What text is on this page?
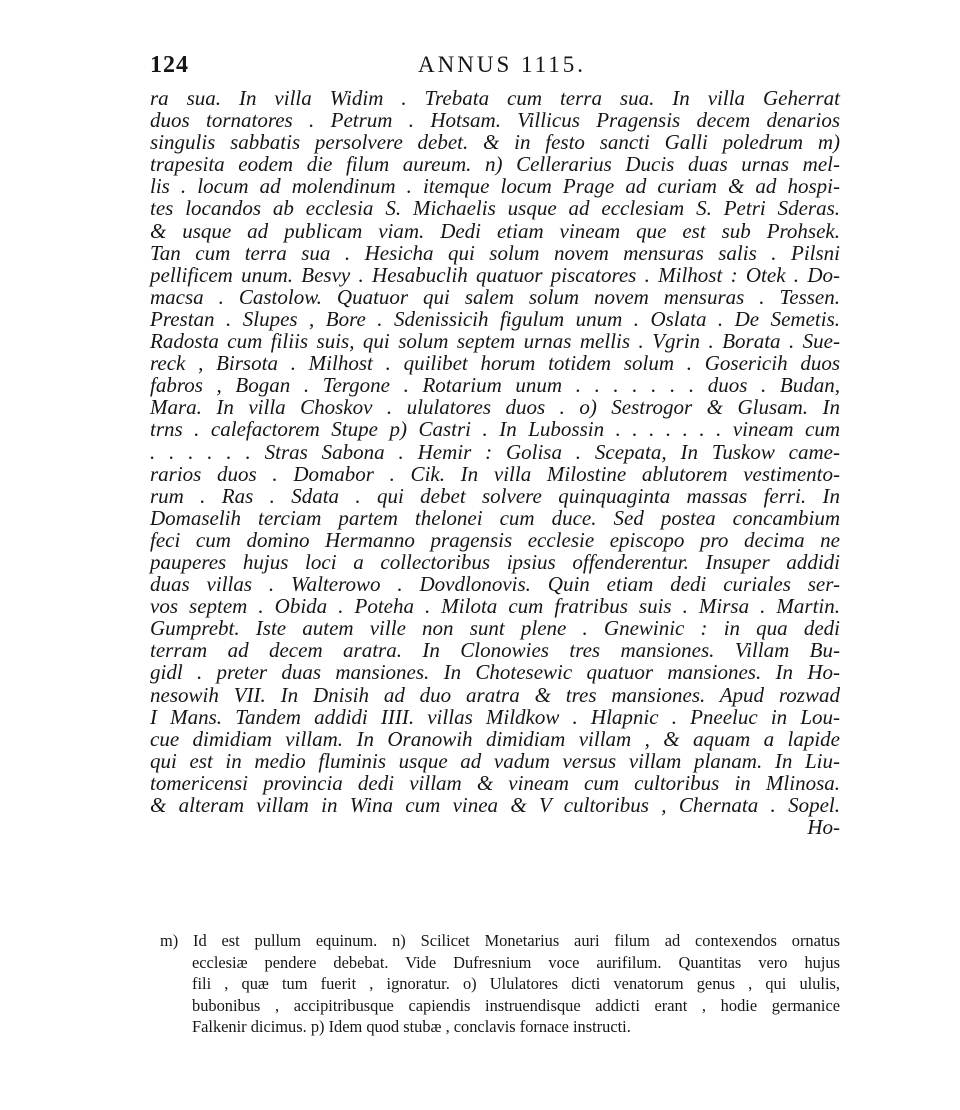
124	ANNUS 1115.
ra sua. In villa Widim . Trebata cum terra sua. In villa Geherrat
duos tornatores . Petrum . Hotsam. Villicus Pragensis decem denarios
singulis sabbatis persolvere debet. & in festo sancti Galli poledrum m)
trapesita eodem die filum aureum. n) Cellerarius Ducis duas urnas mel-
lis . locum ad molendinum . itemque locum Prage ad curiam & ad hospi-
tes locandos ab ecclesia S. Michaelis usque ad ecclesiam S. Petri Sderas.
& usque ad publicam viam. Dedi etiam vineam que est sub Prohsek.
Tan cum terra sua . Hesicha qui solum novem mensuras salis . Pilsni
pellificem unum. Besvy . Hesabuclih quatuor piscatores . Milhost : Otek . Do-
macsa . Castolow. Quatuor qui salem solum novem mensuras . Tessen.
Prestan . Slupes , Bore . Sdenissicih figulum unum . Oslata . De Semetis.
Radosta cum filiis suis, qui solum septem urnas mellis . Vgrin . Borata . Sue-
reck , Birsota . Milhost . quilibet horum totidem solum . Gosericih duos
fabros , Bogan . Tergone . Rotarium unum . . . . . . . duos . Budan,
Mara. In villa Choskov . ululatores duos . o) Sestrogor & Glusam. In
trns . calefactorem Stupe p) Castri . In Lubossin . . . . . . . vineam cum
. . . . . . Stras Sabona . Hemir : Golisa . Scepata, In Tuskow came-
rarios duos . Domabor . Cik. In villa Milostine ablutorem vestimento-
rum . Ras . Sdata . qui debet solvere quinquaginta massas ferri. In
Domaselih terciam partem thelonei cum duce. Sed postea concambium
feci cum domino Hermanno pragensis ecclesie episcopo pro decima ne
pauperes hujus loci a collectoribus ipsius offenderentur. Insuper addidi
duas villas . Walterowo . Dovdlonovis. Quin etiam dedi curiales ser-
vos septem . Obida . Poteha . Milota cum fratribus suis . Mirsa . Martin.
Gumprebt. Iste autem ville non sunt plene . Gnewinic : in qua dedi
terram ad decem aratra. In Clonowies tres mansiones. Villam Bu-
gidl . preter duas mansiones. In Chotesewic quatuor mansiones. In Ho-
nesowih VII. In Dnisih ad duo aratra & tres mansiones. Apud rozwad
I Mans. Tandem addidi IIII. villas Mildkow . Hlapnic . Pneeluc in Lou-
cue dimidiam villam. In Oranowih dimidiam villam , & aquam a lapide
qui est in medio fluminis usque ad vadum versus villam planam. In Liu-
tomericensi provincia dedi villam & vineam cum cultoribus in Mlinosa.
& alteram villam in Wina cum vinea & V cultoribus , Chernata . Sopel.
Ho-
m) Id est pullum equinum. n) Scilicet Monetarius auri filum ad contexendos ornatus
ecclesiæ pendere debebat. Vide Dufresnium voce aurifilum. Quantitas vero hujus
fili , quæ tum fuerit , ignoratur. o) Ululatores dicti venatorum genus , qui ululis,
bubonibus , accipitribusque capiendis instruendisque addicti erant , hodie germanice
Falkenir dicimus. p) Idem quod stubæ , conclavis fornace instructi.
